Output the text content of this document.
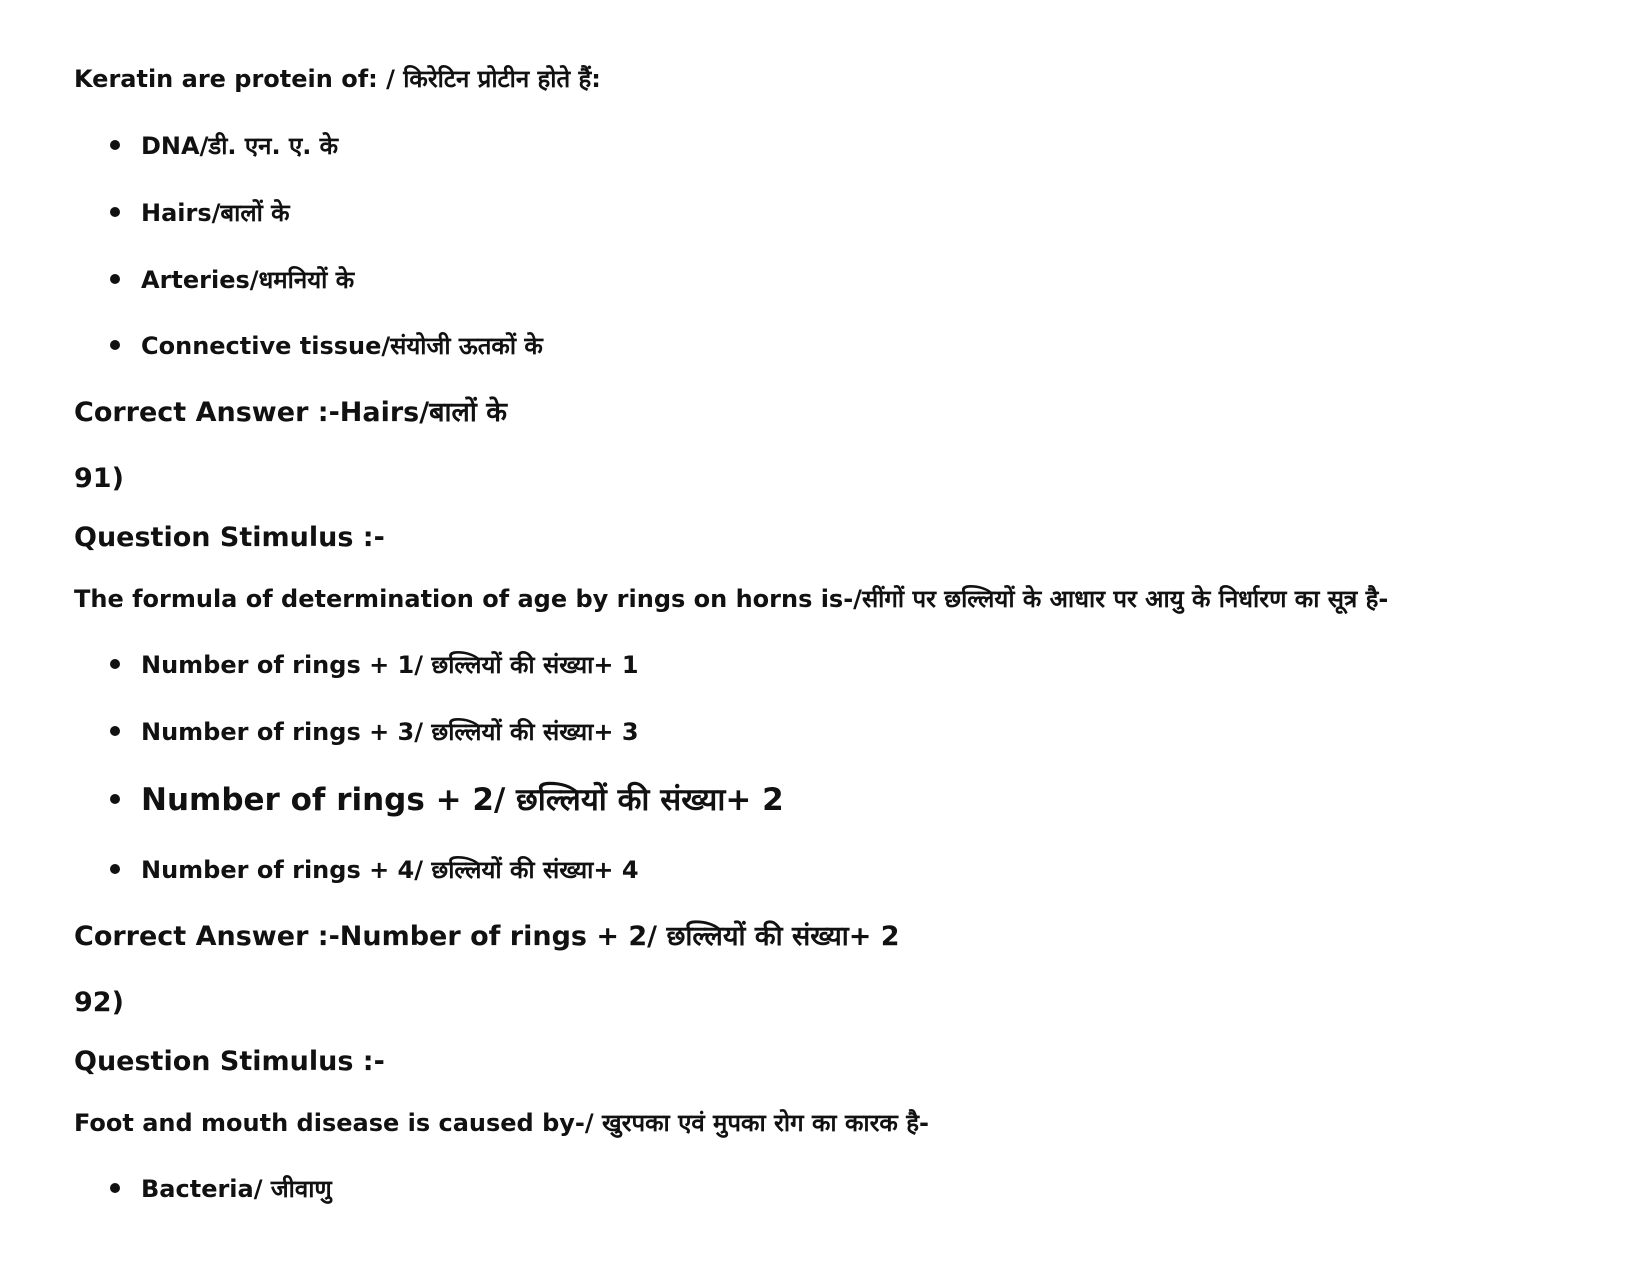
Keratin are protein of: / किरेटिन प्रोटीन होते हैं:

DNA/डी. एन. ए. के
Hairs/बालों के
Arteries/धमनियों के
Connective tissue/संयोजी ऊतकों के

Correct Answer :-Hairs/बालों के

91)

Question Stimulus :-

The formula of determination of age by rings on horns is-/सींगों पर छल्लियों के आधार पर आयु के निर्धारण का सूत्र है-

Number of rings + 1/ छल्लियों की संख्या+ 1
Number of rings + 3/ छल्लियों की संख्या+ 3
Number of rings + 2/ छल्लियों की संख्या+ 2
Number of rings + 4/ छल्लियों की संख्या+ 4

Correct Answer :-Number of rings + 2/ छल्लियों की संख्या+ 2

92)

Question Stimulus :-

Foot and mouth disease is caused by-/ खुरपका एवं मुपका रोग का कारक है-

Bacteria/ जीवाणु
